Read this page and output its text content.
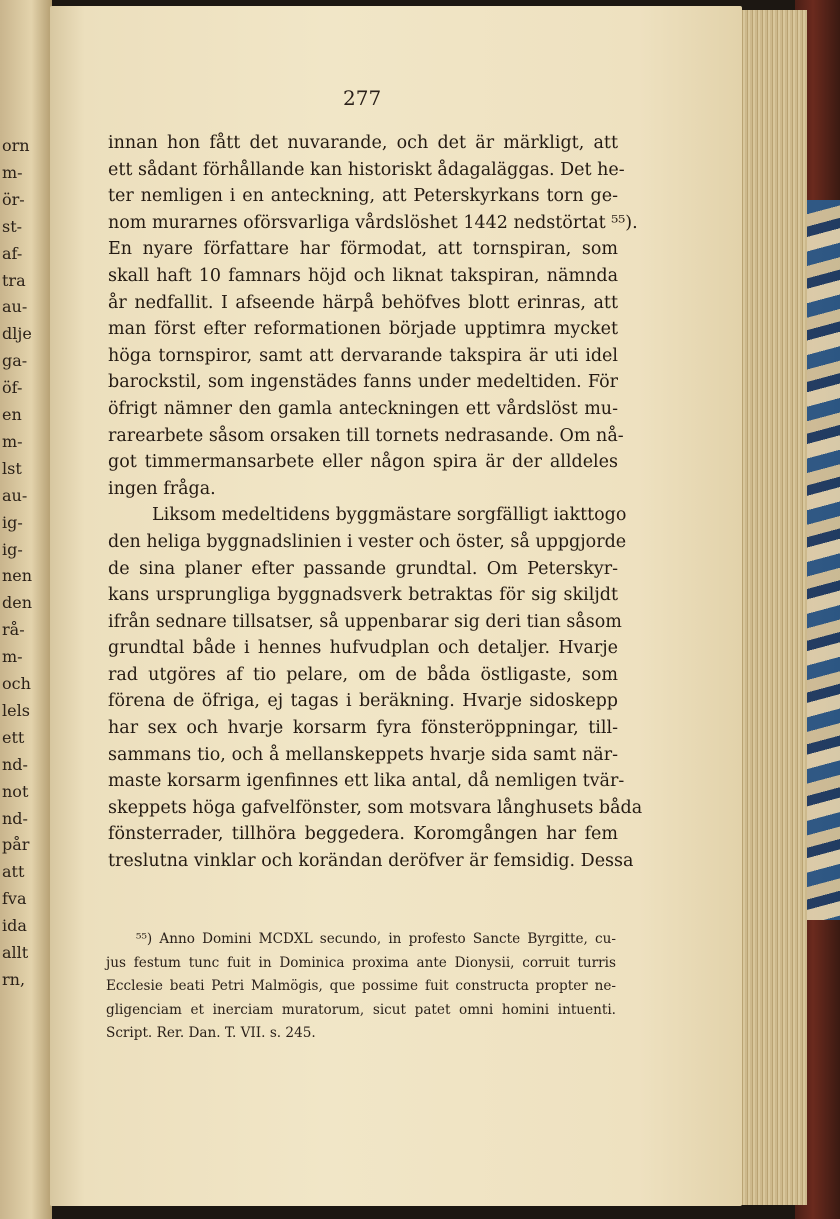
orn
m-
ör-
st-
af-
tra
au-
dlje
ga-
öf-
en
m-
lst
au-
ig-
ig-
nen
den
rå-
m-
och
lels
ett
nd-
not
nd-
pår
att
fva
ida
allt
rn,
277
innan hon fått det nuvarande, och det är märkligt, att
ett sådant förhållande kan historiskt ådagaläggas. Det he-
ter nemligen i en anteckning, att Peterskyrkans torn ge-
nom murarnes oförsvarliga vårdslöshet 1442 nedstörtat ⁵⁵).
En nyare författare har förmodat, att tornspiran, som
skall haft 10 famnars höjd och liknat takspiran, nämnda
år nedfallit. I afseende härpå behöfves blott erinras, att
man först efter reformationen började upptimra mycket
höga tornspiror, samt att dervarande takspira är uti idel
barockstil, som ingenstädes fanns under medeltiden. För
öfrigt nämner den gamla anteckningen ett vårdslöst mu-
rarearbete såsom orsaken till tornets nedrasande. Om nå-
got timmermansarbete eller någon spira är der alldeles
ingen fråga.
Liksom medeltidens byggmästare sorgfälligt iakttogo
den heliga byggnadslinien i vester och öster, så uppgjorde
de sina planer efter passande grundtal. Om Peterskyr-
kans ursprungliga byggnadsverk betraktas för sig skiljdt
ifrån sednare tillsatser, så uppenbarar sig deri tian såsom
grundtal både i hennes hufvudplan och detaljer. Hvarje
rad utgöres af tio pelare, om de båda östligaste, som
förena de öfriga, ej tagas i beräkning. Hvarje sidoskepp
har sex och hvarje korsarm fyra fönsteröppningar, till-
sammans tio, och å mellanskeppets hvarje sida samt när-
maste korsarm igenfinnes ett lika antal, då nemligen tvär-
skeppets höga gafvelfönster, som motsvara långhusets båda
fönsterrader, tillhöra beggedera. Koromgången har fem
treslutna vinklar och korändan deröfver är femsidig. Dessa
⁵⁵) Anno Domini MCDXL secundo, in profesto Sancte Byrgitte, cu-
jus festum tunc fuit in Dominica proxima ante Dionysii, corruit turris
Ecclesie beati Petri Malmögis, que possime fuit constructa propter ne-
gligenciam et inerciam muratorum, sicut patet omni homini intuenti.
Script. Rer. Dan. T. VII. s. 245.
